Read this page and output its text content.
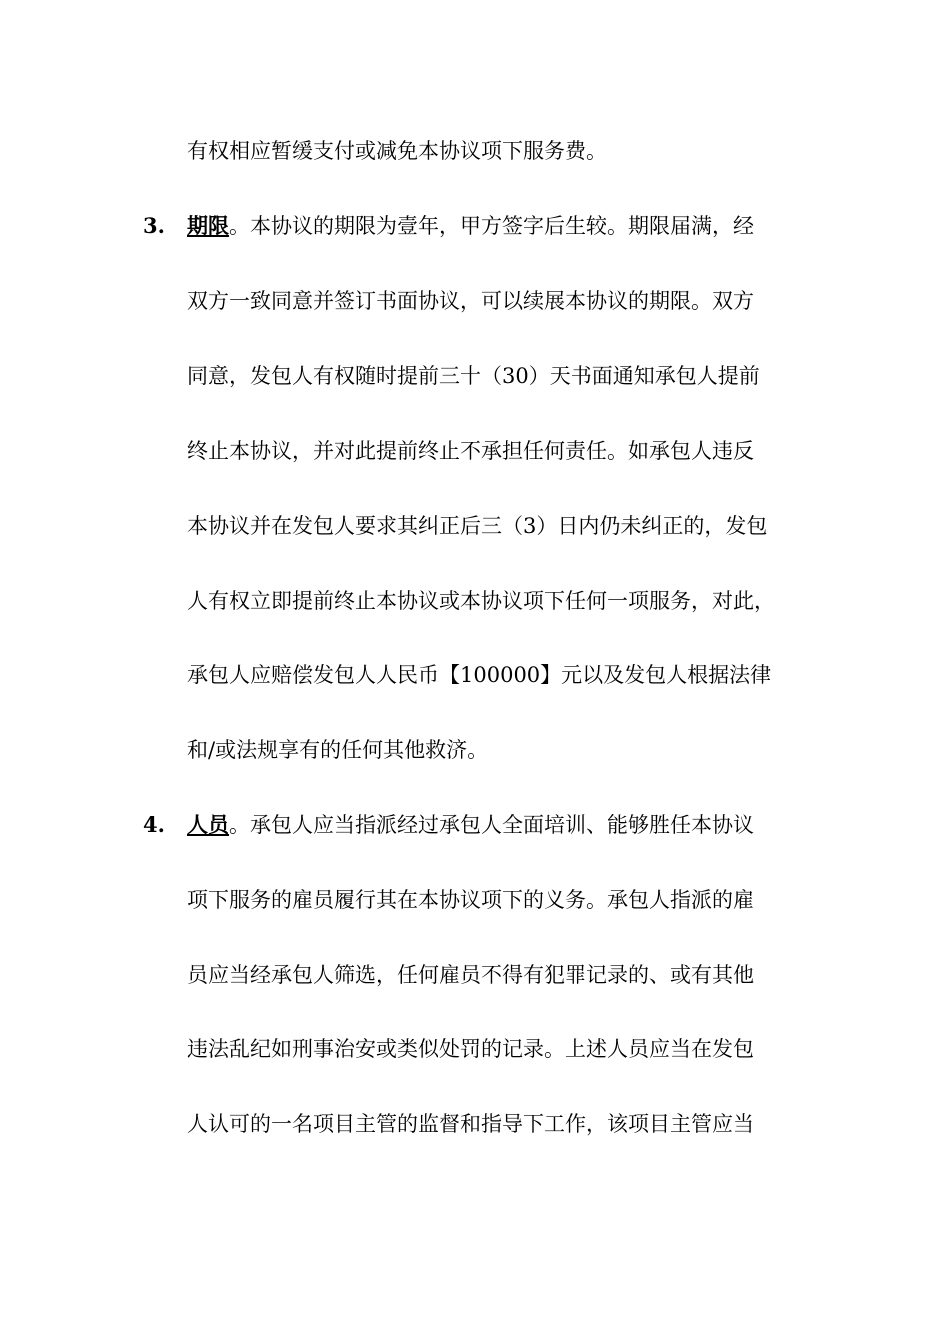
有权相应暂缓支付或减免本协议项下服务费。
3. 期限。本协议的期限为壹年，甲方签字后生较。期限届满，经
双方一致同意并签订书面协议，可以续展本协议的期限。双方
同意，发包人有权随时提前三十（30）天书面通知承包人提前
终止本协议，并对此提前终止不承担任何责任。如承包人违反
本协议并在发包人要求其纠正后三（3）日内仍未纠正的，发包
人有权立即提前终止本协议或本协议项下任何一项服务，对此，
承包人应赔偿发包人人民币【100000】元以及发包人根据法律
和/或法规享有的任何其他救济。
4. 人员。承包人应当指派经过承包人全面培训、能够胜任本协议
项下服务的雇员履行其在本协议项下的义务。承包人指派的雇
员应当经承包人筛选，任何雇员不得有犯罪记录的、或有其他
违法乱纪如刑事治安或类似处罚的记录。上述人员应当在发包
人认可的一名项目主管的监督和指导下工作，该项目主管应当
